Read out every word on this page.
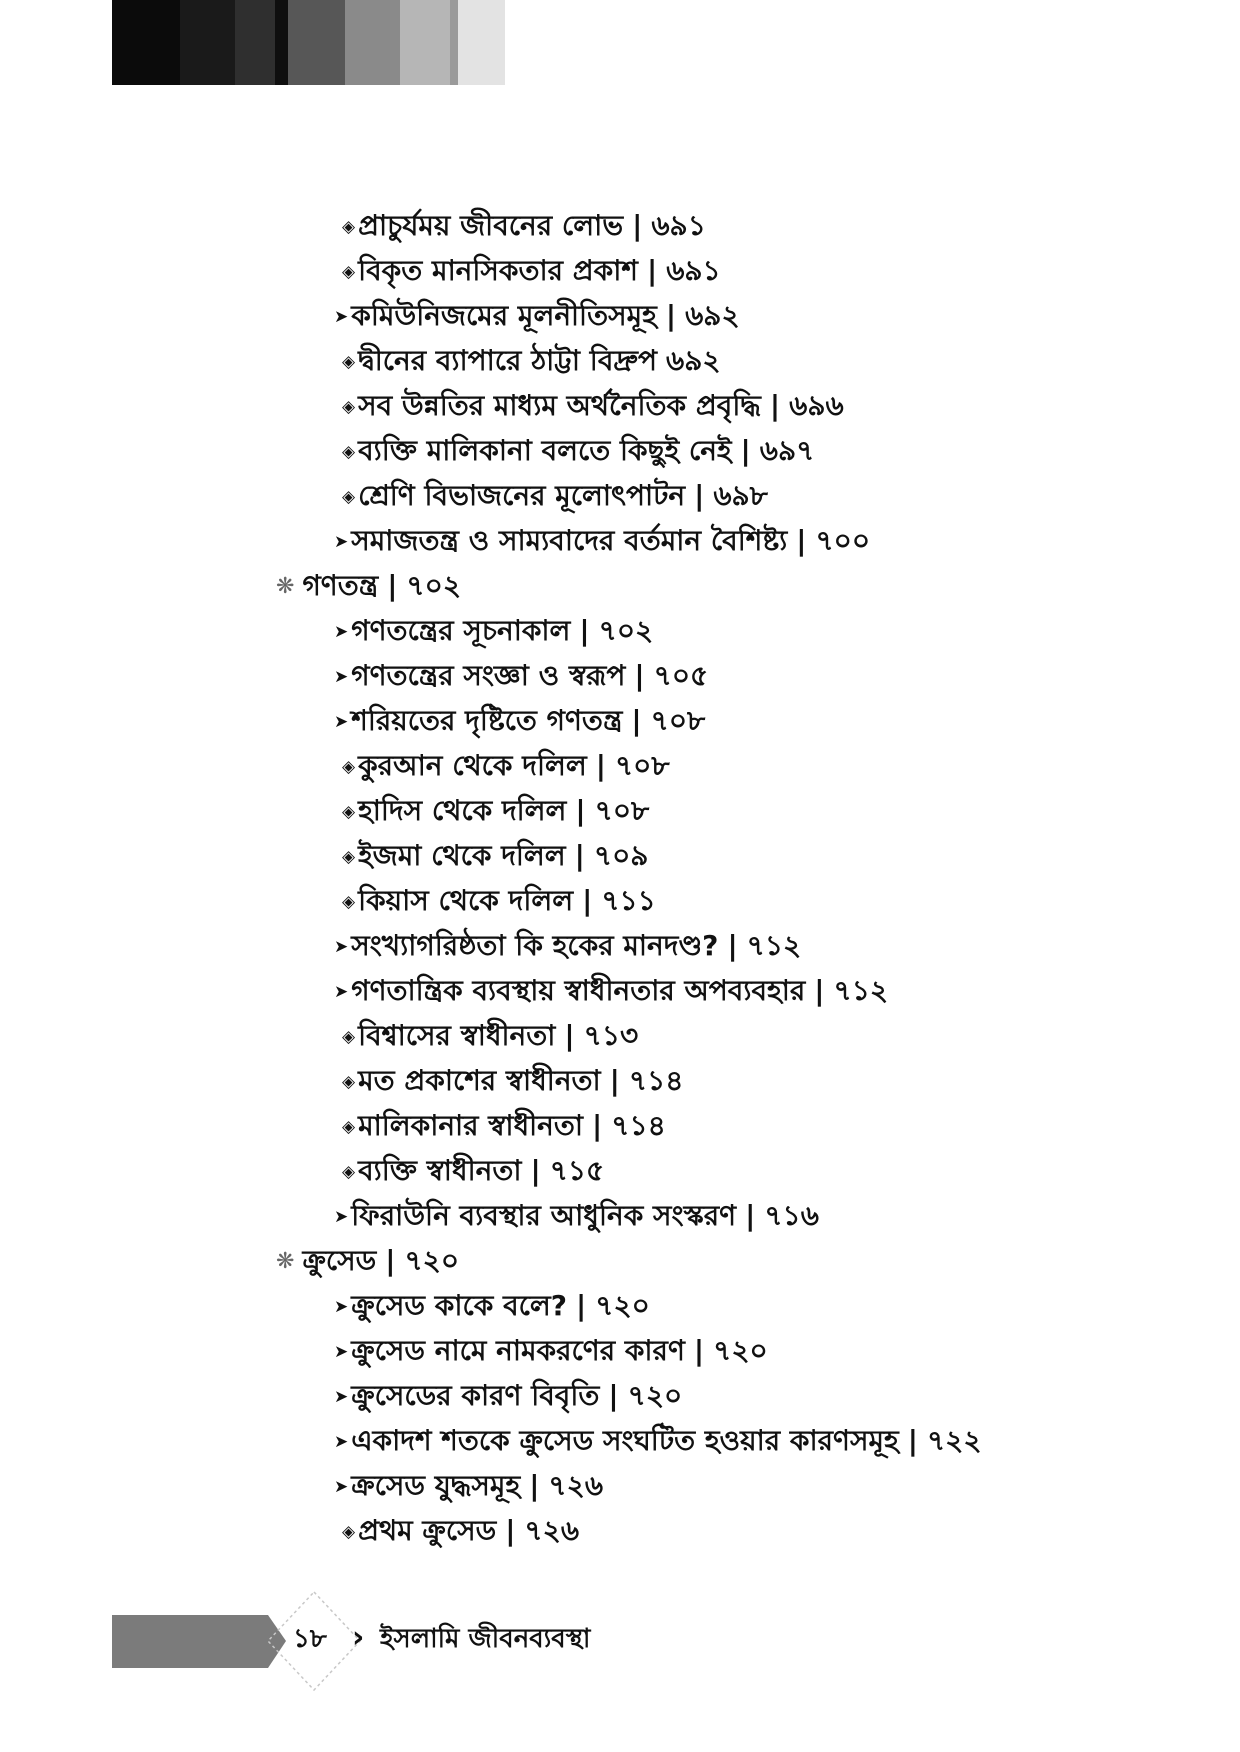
◈প্রাচুর্যময় জীবনের লোভ | ৬৯১
◈বিকৃত মানসিকতার প্রকাশ | ৬৯১
➤কমিউনিজমের মূলনীতিসমূহ | ৬৯২
◈দ্বীনের ব্যাপারে ঠাট্টা বিদ্রুপ ৬৯২
◈সব উন্নতির মাধ্যম অর্থনৈতিক প্রবৃদ্ধি | ৬৯৬
◈ব্যক্তি মালিকানা বলতে কিছুই নেই | ৬৯৭
◈শ্রেণি বিভাজনের মূলোৎপাটন | ৬৯৮
➤সমাজতন্ত্র ও সাম্যবাদের বর্তমান বৈশিষ্ট্য | ৭০০
❋গণতন্ত্র | ৭০২
➤গণতন্ত্রের সূচনাকাল | ৭০২
➤গণতন্ত্রের সংজ্ঞা ও স্বরূপ | ৭০৫
➤শরিয়তের দৃষ্টিতে গণতন্ত্র | ৭০৮
◈কুরআন থেকে দলিল | ৭০৮
◈হাদিস থেকে দলিল | ৭০৮
◈ইজমা থেকে দলিল | ৭০৯
◈কিয়াস থেকে দলিল | ৭১১
➤সংখ্যাগরিষ্ঠতা কি হকের মানদণ্ড? | ৭১২
➤গণতান্ত্রিক ব্যবস্থায় স্বাধীনতার অপব্যবহার | ৭১২
◈বিশ্বাসের স্বাধীনতা | ৭১৩
◈মত প্রকাশের স্বাধীনতা | ৭১৪
◈মালিকানার স্বাধীনতা | ৭১৪
◈ব্যক্তি স্বাধীনতা | ৭১৫
➤ফিরাউনি ব্যবস্থার আধুনিক সংস্করণ | ৭১৬
❋ক্রুসেড | ৭২০
➤ক্রুসেড কাকে বলে? | ৭২০
➤ক্রুসেড নামে নামকরণের কারণ | ৭২০
➤ক্রুসেডের কারণ বিবৃতি | ৭২০
➤একাদশ শতকে ক্রুসেড সংঘটিত হওয়ার কারণসমূহ | ৭২২
➤ক্রসেড যুদ্ধসমূহ | ৭২৬
◈প্রথম ক্রুসেড | ৭২৬
১৮ › ইসলামি জীবনব্যবস্থা
